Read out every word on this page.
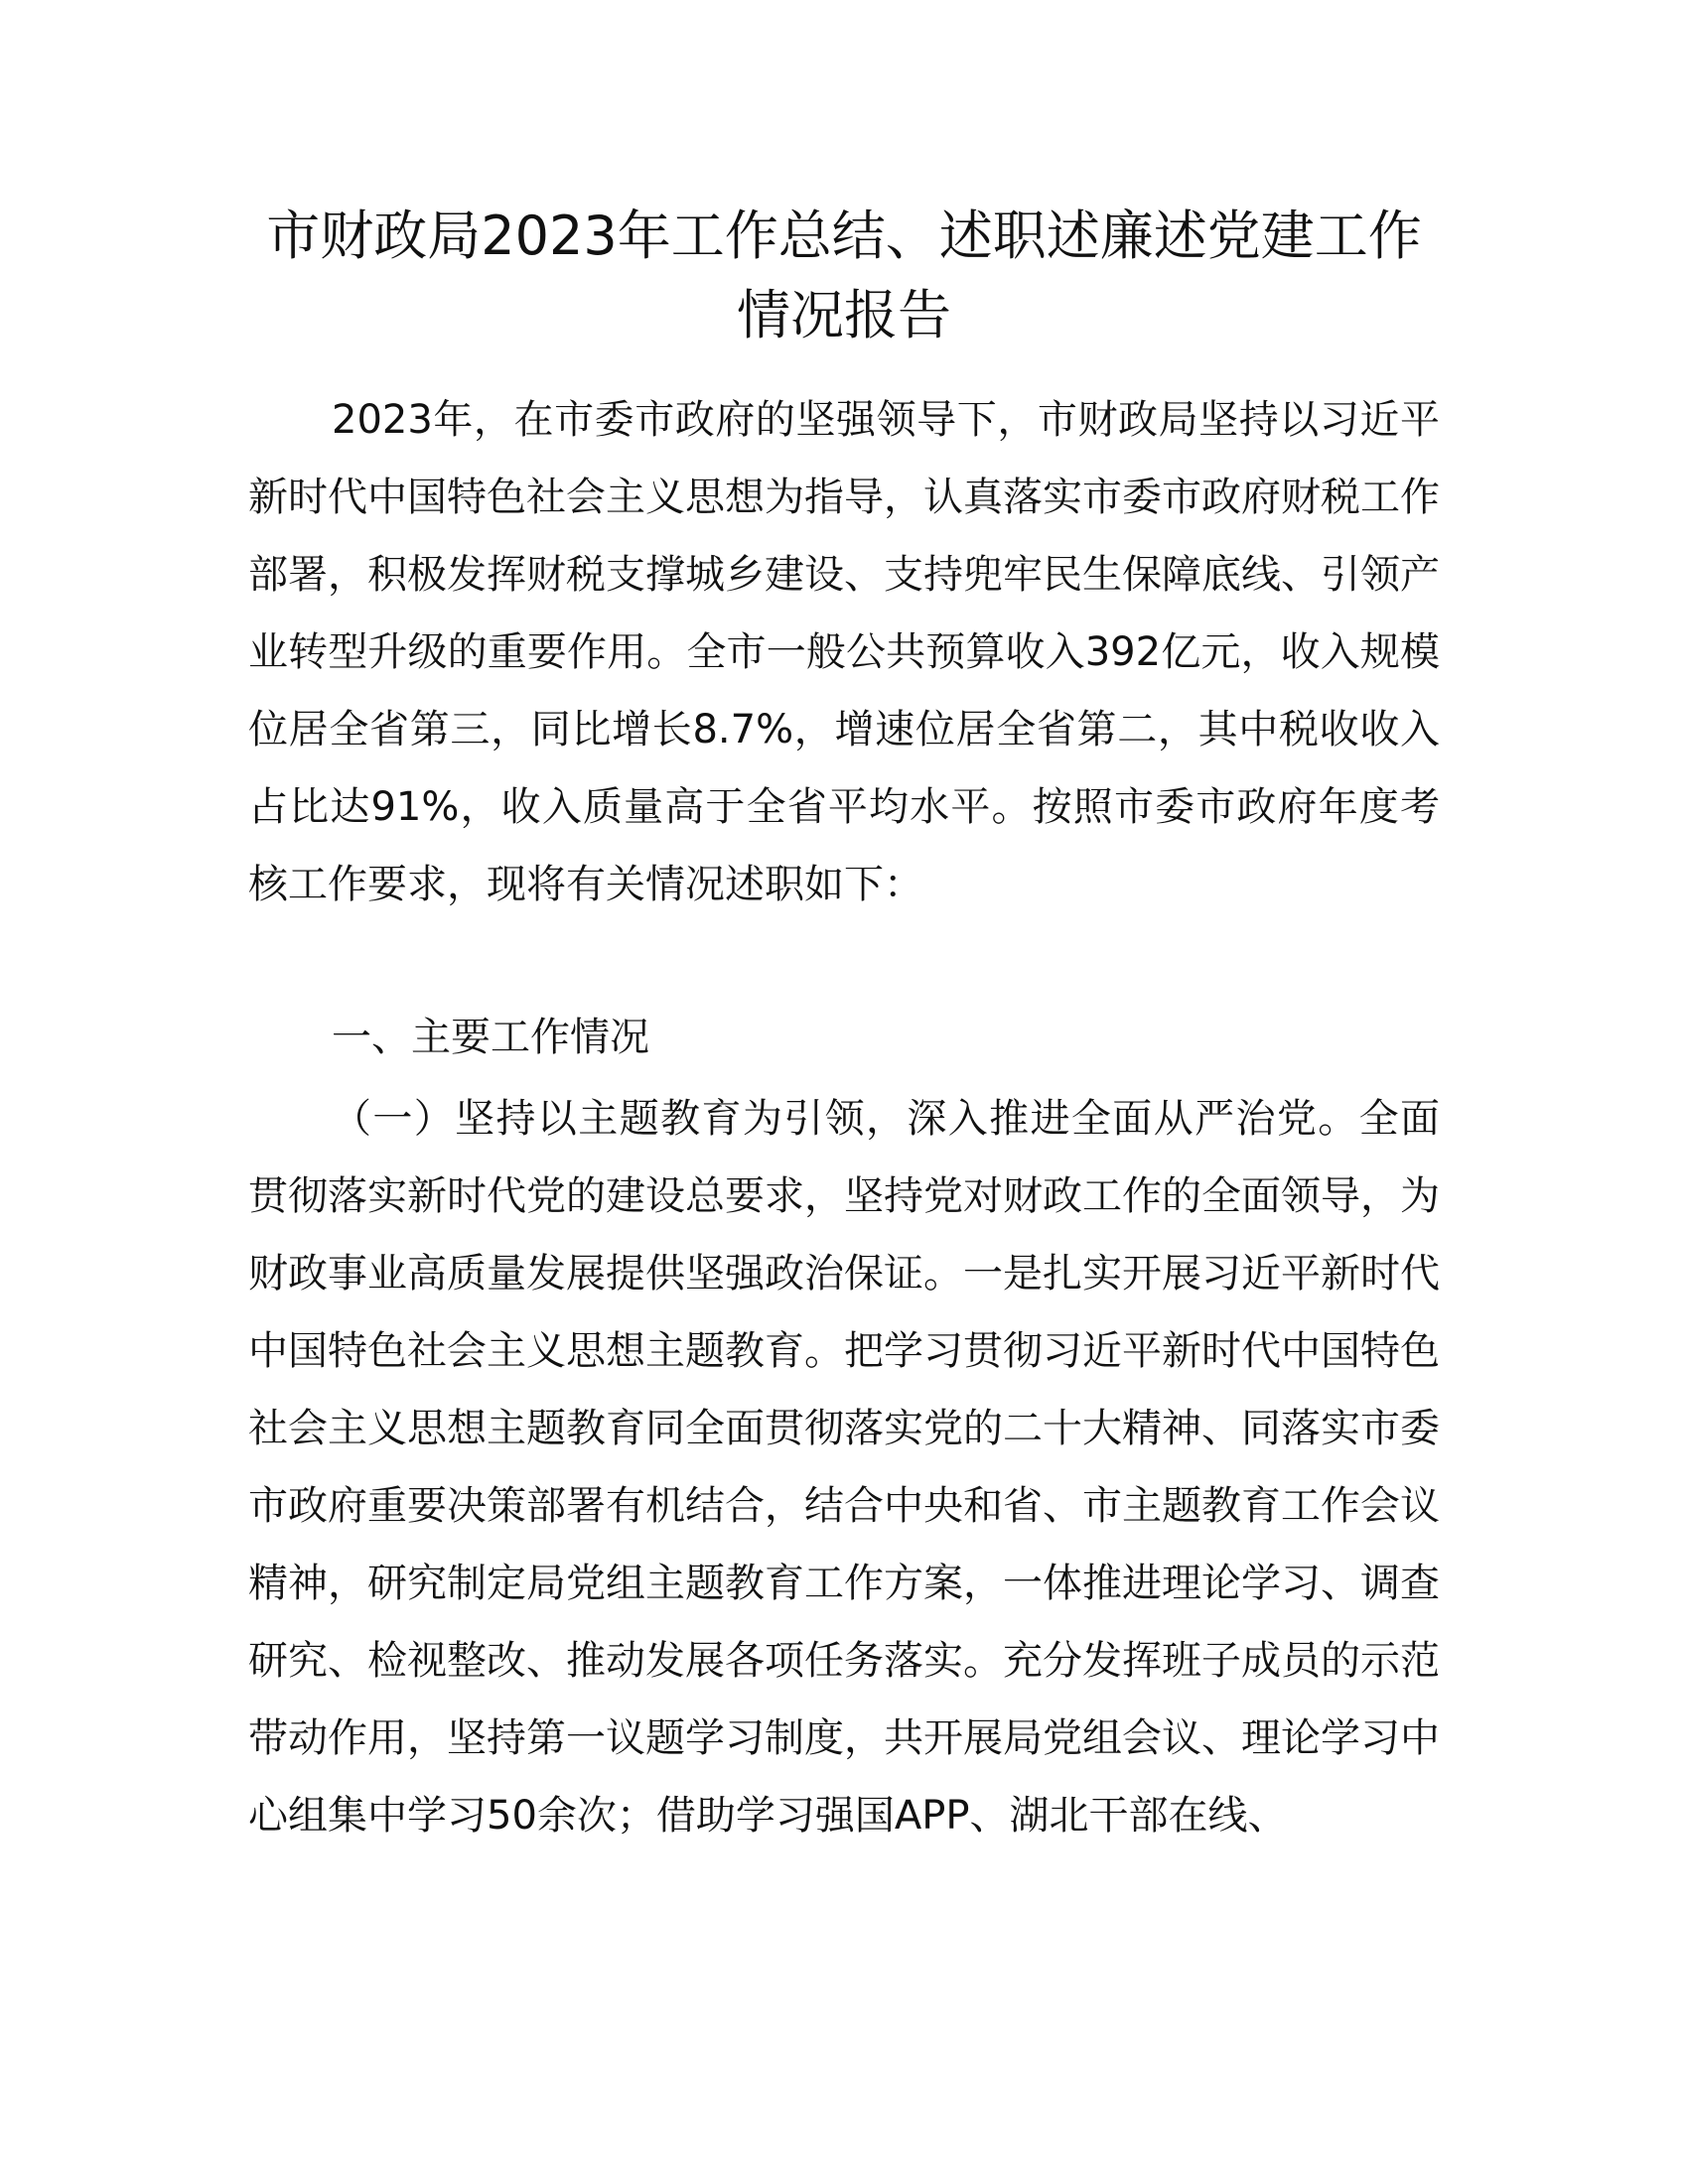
市财政局2023年工作总结、述职述廉述党建工作情况报告

2023年，在市委市政府的坚强领导下，市财政局坚持以习近平新时代中国特色社会主义思想为指导，认真落实市委市政府财税工作部署，积极发挥财税支撑城乡建设、支持兜牢民生保障底线、引领产业转型升级的重要作用。全市一般公共预算收入392亿元，收入规模位居全省第三，同比增长8.7%，增速位居全省第二，其中税收收入占比达91%，收入质量高于全省平均水平。按照市委市政府年度考核工作要求，现将有关情况述职如下：

一、主要工作情况

（一）坚持以主题教育为引领，深入推进全面从严治党。全面贯彻落实新时代党的建设总要求，坚持党对财政工作的全面领导，为财政事业高质量发展提供坚强政治保证。一是扎实开展习近平新时代中国特色社会主义思想主题教育。把学习贯彻习近平新时代中国特色社会主义思想主题教育同全面贯彻落实党的二十大精神、同落实市委市政府重要决策部署有机结合，结合中央和省、市主题教育工作会议精神，研究制定局党组主题教育工作方案，一体推进理论学习、调查研究、检视整改、推动发展各项任务落实。充分发挥班子成员的示范带动作用，坚持第一议题学习制度，共开展局党组会议、理论学习中心组集中学习50余次；借助学习强国APP、湖北干部在线、
